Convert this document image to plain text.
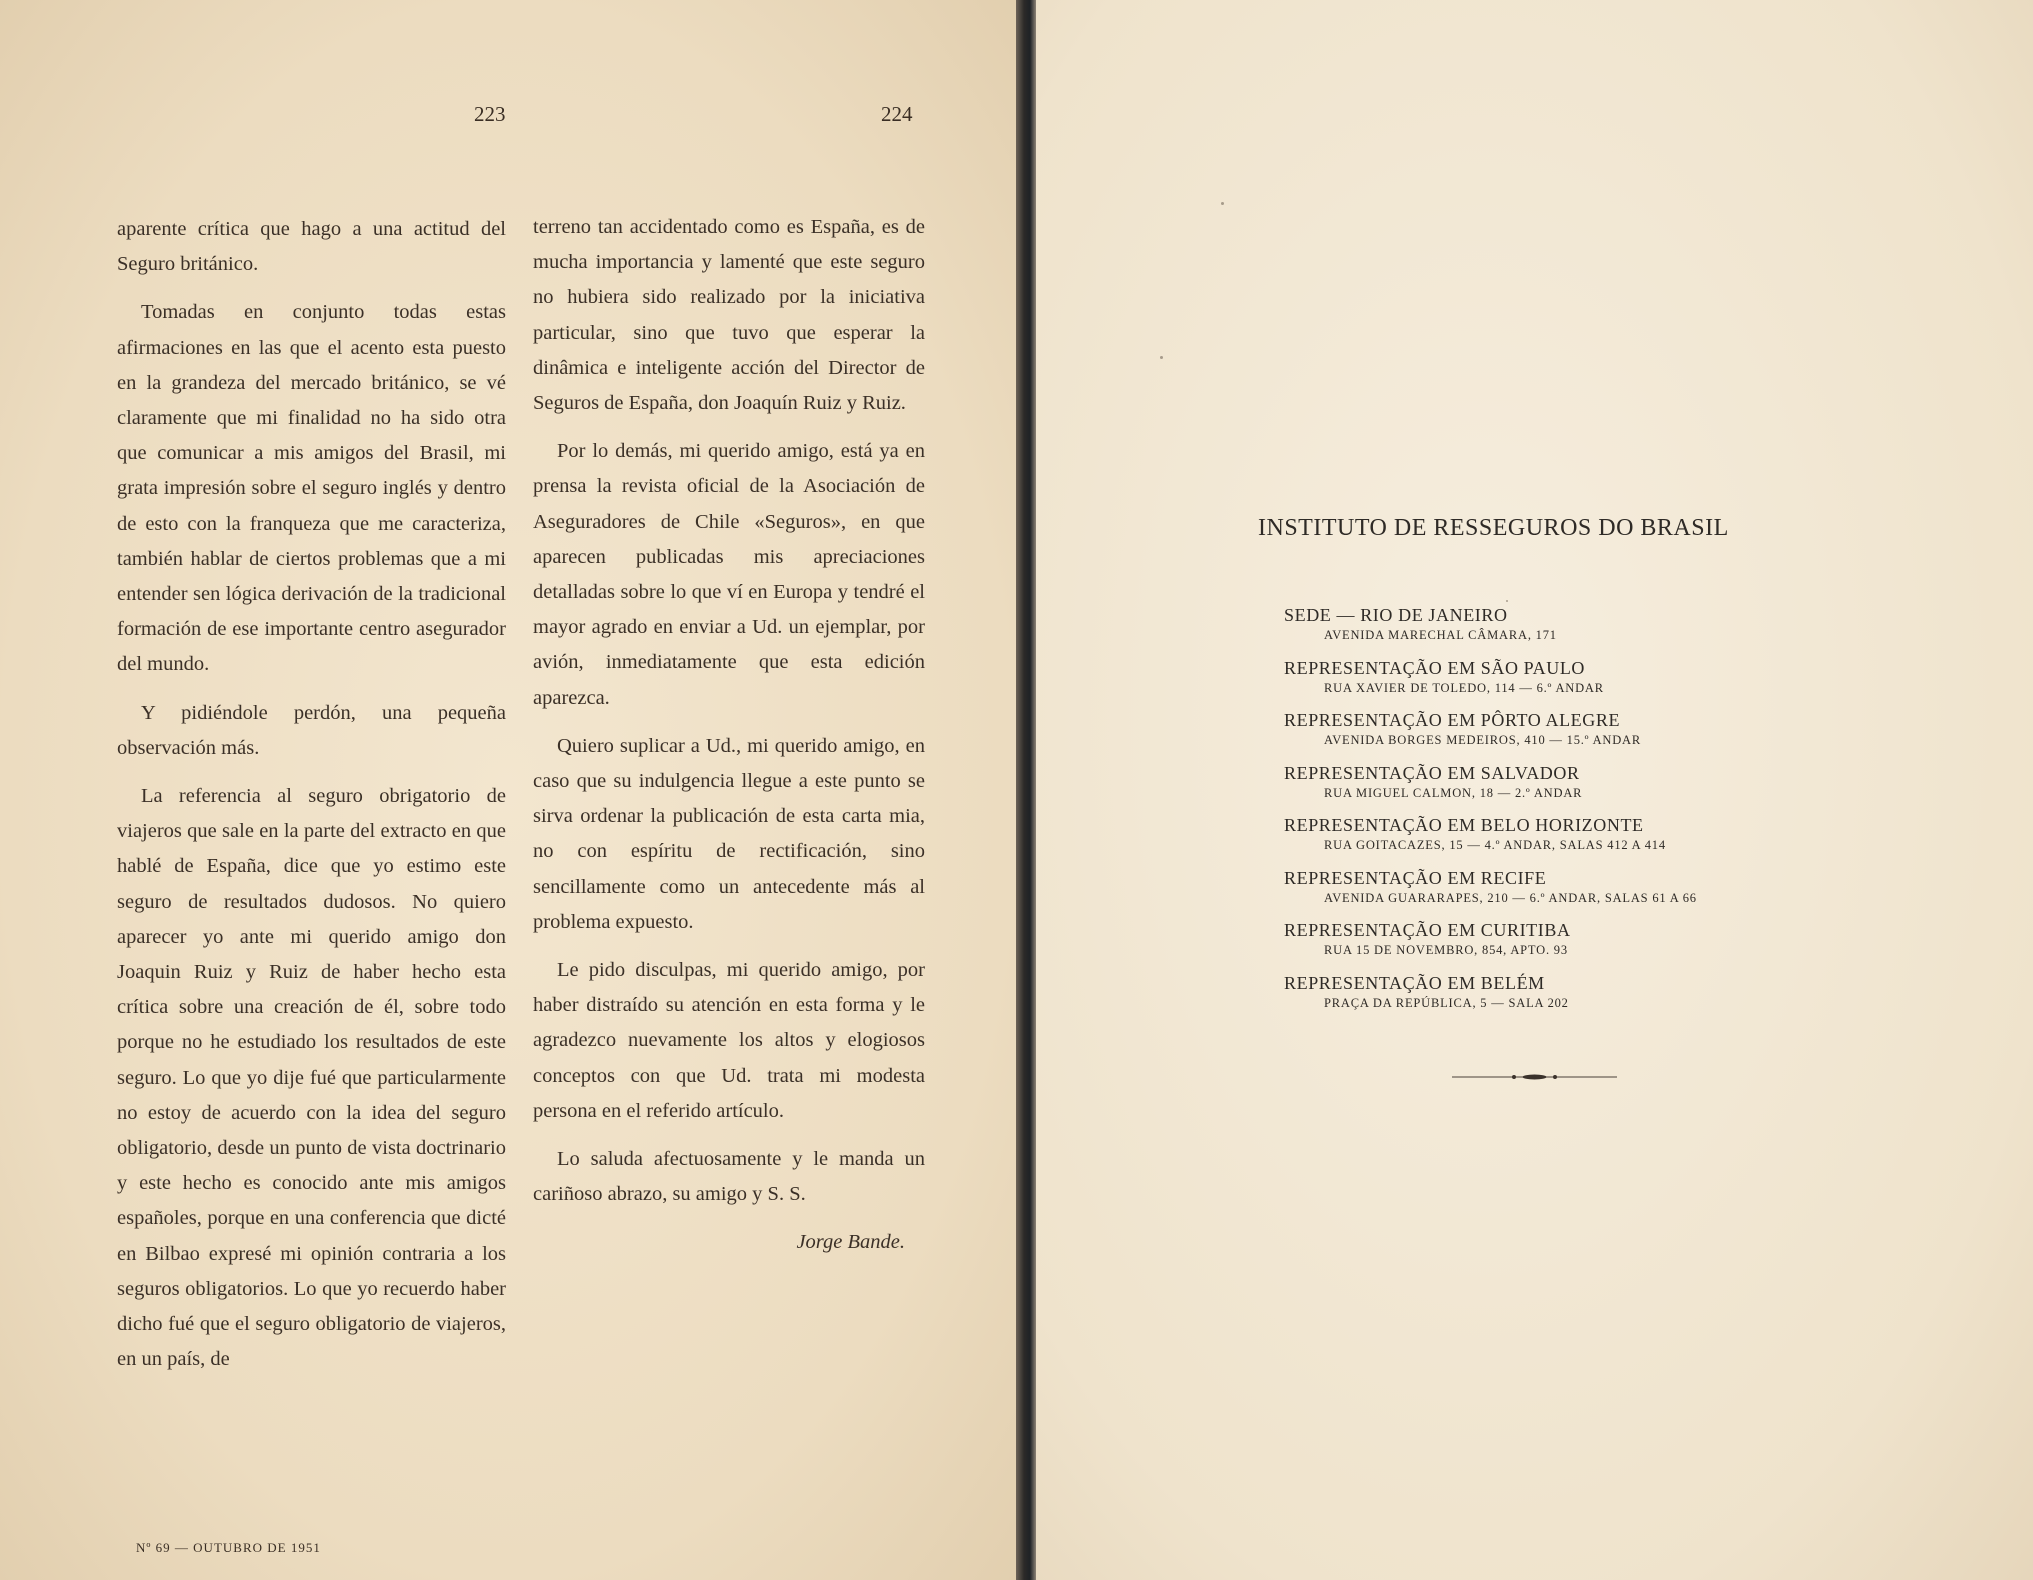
223	224

aparente crítica que hago a una actitud del Seguro británico.

Tomadas en conjunto todas estas afirmaciones en las que el acento esta puesto en la grandeza del mercado británico, se vé claramente que mi finalidad no ha sido otra que comunicar a mis amigos del Brasil, mi grata impresión sobre el seguro inglés y dentro de esto con la franqueza que me caracteriza, también hablar de ciertos problemas que a mi entender sen lógica derivación de la tradicional formación de ese importante centro asegurador del mundo.

Y pidiéndole perdón, una pequeña observación más.

La referencia al seguro obrigatorio de viajeros que sale en la parte del extracto en que hablé de España, dice que yo estimo este seguro de resultados dudosos. No quiero aparecer yo ante mi querido amigo don Joaquin Ruiz y Ruiz de haber hecho esta crítica sobre una creación de él, sobre todo porque no he estudiado los resultados de este seguro. Lo que yo dije fué que particularmente no estoy de acuerdo con la idea del seguro obligatorio, desde un punto de vista doctrinario y este hecho es conocido ante mis amigos españoles, porque en una conferencia que dicté en Bilbao expresé mi opinión contraria a los seguros obligatorios. Lo que yo recuerdo haber dicho fué que el seguro obligatorio de viajeros, en un país, de

terreno tan accidentado como es España, es de mucha importancia y lamenté que este seguro no hubiera sido realizado por la iniciativa particular, sino que tuvo que esperar la dinâmica e inteligente acción del Director de Seguros de España, don Joaquín Ruiz y Ruiz.

Por lo demás, mi querido amigo, está ya en prensa la revista oficial de la Asociación de Aseguradores de Chile «Seguros», en que aparecen publicadas mis apreciaciones detalladas sobre lo que ví en Europa y tendré el mayor agrado en enviar a Ud. un ejemplar, por avión, inmediatamente que esta edición aparezca.

Quiero suplicar a Ud., mi querido amigo, en caso que su indulgencia llegue a este punto se sirva ordenar la publicación de esta carta mia, no con espíritu de rectificación, sino sencillamente como un antecedente más al problema expuesto.

Le pido disculpas, mi querido amigo, por haber distraído su atención en esta forma y le agradezco nuevamente los altos y elogiosos conceptos con que Ud. trata mi modesta persona en el referido artículo.

Lo saluda afectuosamente y le manda un cariñoso abrazo, su amigo y S. S.

Jorge Bande.
Nº 69 — OUTUBRO DE 1951
INSTITUTO DE RESSEGUROS DO BRASIL
SEDE — RIO DE JANEIRO
AVENIDA MARECHAL CÂMARA, 171
REPRESENTAÇÃO EM SÃO PAULO
RUA XAVIER DE TOLEDO, 114 — 6.º ANDAR
REPRESENTAÇÃO EM PÔRTO ALEGRE
AVENIDA BORGES MEDEIROS, 410 — 15.º ANDAR
REPRESENTAÇÃO EM SALVADOR
RUA MIGUEL CALMON, 18 — 2.º ANDAR
REPRESENTAÇÃO EM BELO HORIZONTE
RUA GOITACAZES, 15 — 4.º ANDAR, SALAS 412 A 414
REPRESENTAÇÃO EM RECIFE
AVENIDA GUARARAPES, 210 — 6.º ANDAR, SALAS 61 A 66
REPRESENTAÇÃO EM CURITIBA
RUA 15 DE NOVEMBRO, 854, APTO. 93
REPRESENTAÇÃO EM BELÉM
PRAÇA DA REPÚBLICA, 5 — SALA 202
